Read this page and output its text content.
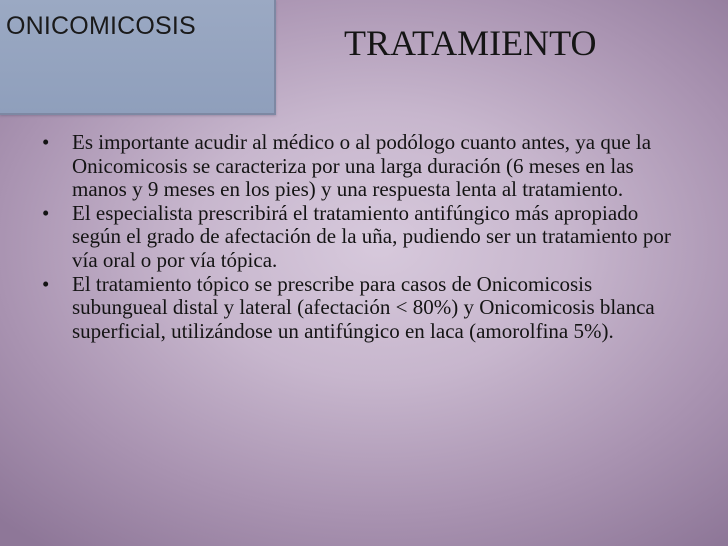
ONICOMICOSIS	TRATAMIENTO
• Es importante acudir al médico o al podólogo cuanto antes, ya que la Onicomicosis se caracteriza por una larga duración (6 meses en las manos y 9 meses en los pies) y una respuesta lenta al tratamiento.
• El especialista prescribirá el tratamiento antifúngico más apropiado según el grado de afectación de la uña, pudiendo ser un tratamiento por vía oral o por vía tópica.
• El tratamiento tópico se prescribe para casos de Onicomicosis subungueal distal y lateral (afectación < 80%) y Onicomicosis blanca superficial, utilizándose un antifúngico en laca (amorolfina 5%).
